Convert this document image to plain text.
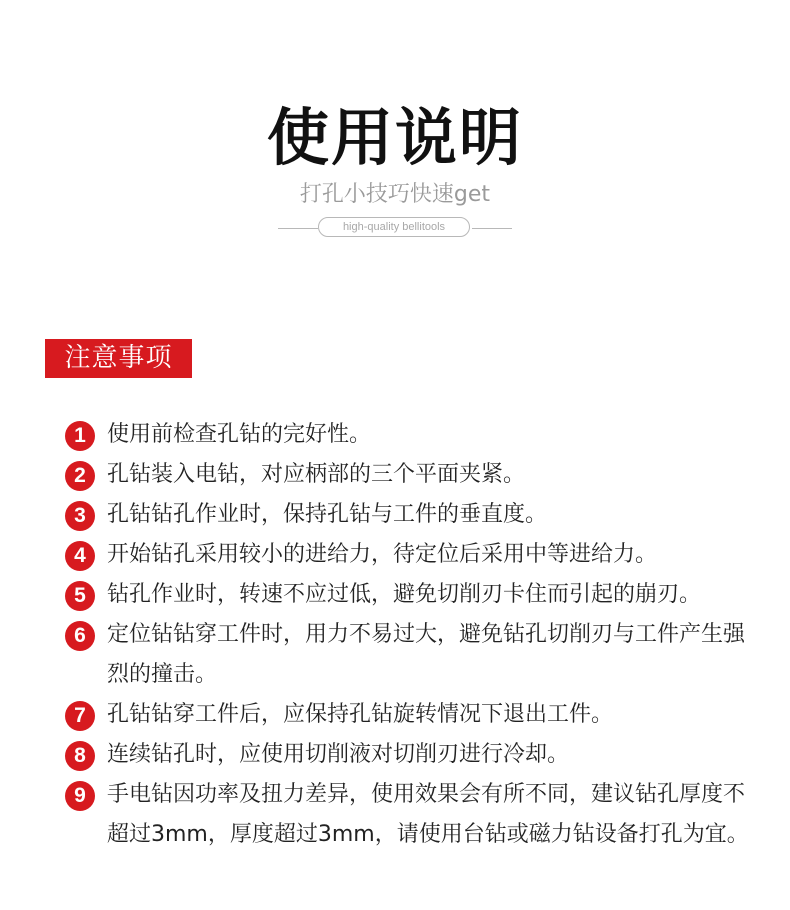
使用说明
打孔小技巧快速get
high-quality bellitools
注意事项
1 使用前检查孔钻的完好性。
2 孔钻装入电钻，对应柄部的三个平面夹紧。
3 孔钻钻孔作业时，保持孔钻与工件的垂直度。
4 开始钻孔采用较小的进给力，待定位后采用中等进给力。
5 钻孔作业时，转速不应过低，避免切削刃卡住而引起的崩刃。
6 定位钻钻穿工件时，用力不易过大，避免钻孔切削刃与工件产生强烈的撞击。
7 孔钻钻穿工件后，应保持孔钻旋转情况下退出工件。
8 连续钻孔时，应使用切削液对切削刃进行冷却。
9 手电钻因功率及扭力差异，使用效果会有所不同，建议钻孔厚度不超过3mm，厚度超过3mm，请使用台钻或磁力钻设备打孔为宜。
